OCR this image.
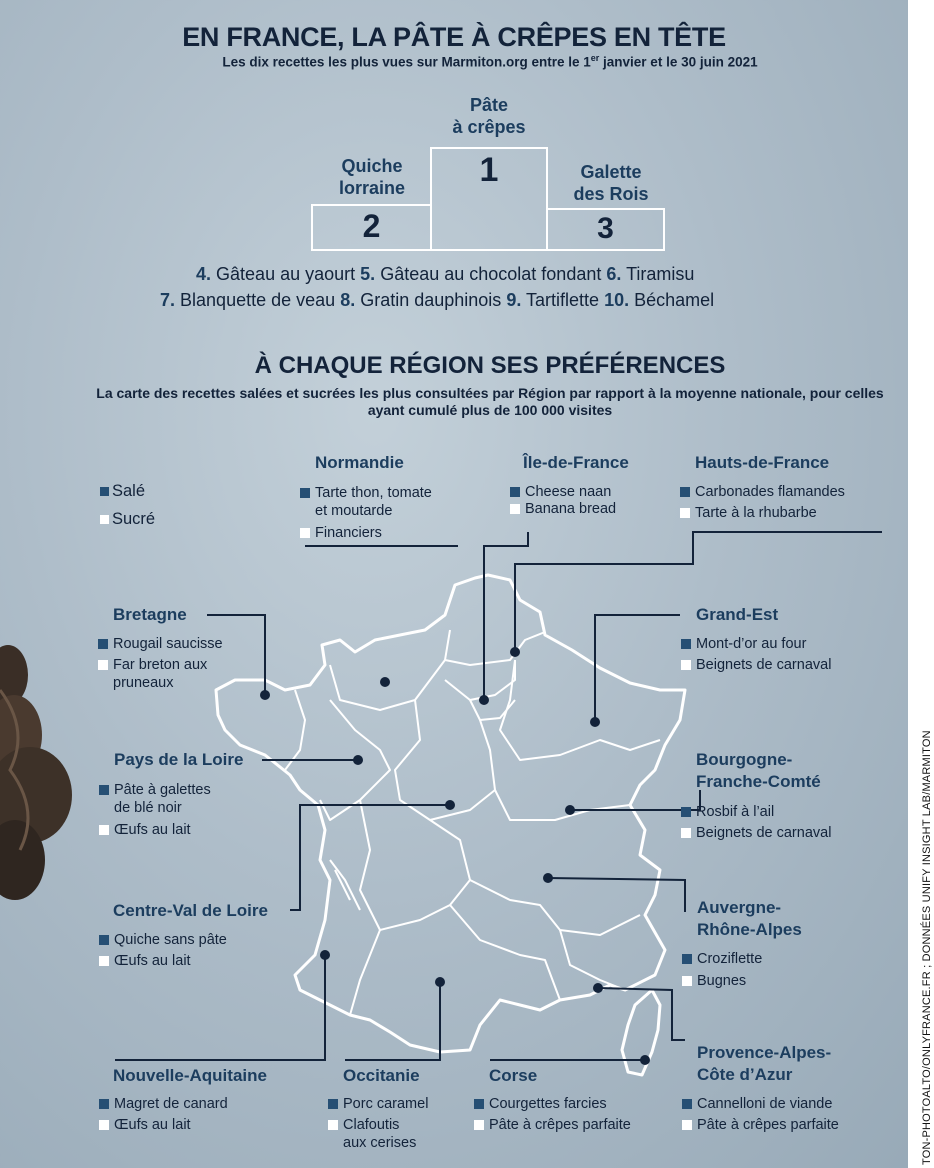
EN FRANCE, LA PÂTE À CRÊPES EN TÊTE
Les dix recettes les plus vues sur Marmiton.org entre le 1er janvier et le 30 juin 2021
Pâte
à crêpes
Quiche
lorraine
Galette
des Rois
1
2	3
4. Gâteau au yaourt 5. Gâteau au chocolat fondant 6. Tiramisu
7. Blanquette de veau 8. Gratin dauphinois 9. Tartiflette 10. Béchamel
À CHAQUE RÉGION SES PRÉFÉRENCES
La carte des recettes salées et sucrées les plus consultées par Région par rapport à la moyenne nationale, pour celles ayant cumulé plus de 100 000 visites
Salé
Sucré
Normandie
Tarte thon, tomate
et moutarde
Financiers
Île-de-France
Cheese naan
Banana bread
Hauts-de-France
Carbonades flamandes
Tarte à la rhubarbe
Bretagne
Rougail saucisse
Far breton aux
pruneaux
Grand-Est
Mont-d’or au four
Beignets de carnaval
Pays de la Loire
Pâte à galettes
de blé noir
Œufs au lait
Bourgogne-
Franche-Comté
Rosbif à l’ail
Beignets de carnaval
Centre-Val de Loire
Quiche sans pâte
Œufs au lait
Auvergne-
Rhône-Alpes
Croziflette
Bugnes
Provence-Alpes-
Côte d’Azur
Cannelloni de viande
Pâte à crêpes parfaite
Nouvelle-Aquitaine
Magret de canard
Œufs au lait
Occitanie
Porc caramel
Clafoutis
aux cerises
Corse
Courgettes farcies
Pâte à crêpes parfaite	TON-PHOTOALTO/ONLYFRANCE.FR ; DONNÉES UNIFY INSIGHT LAB/MARMITON
